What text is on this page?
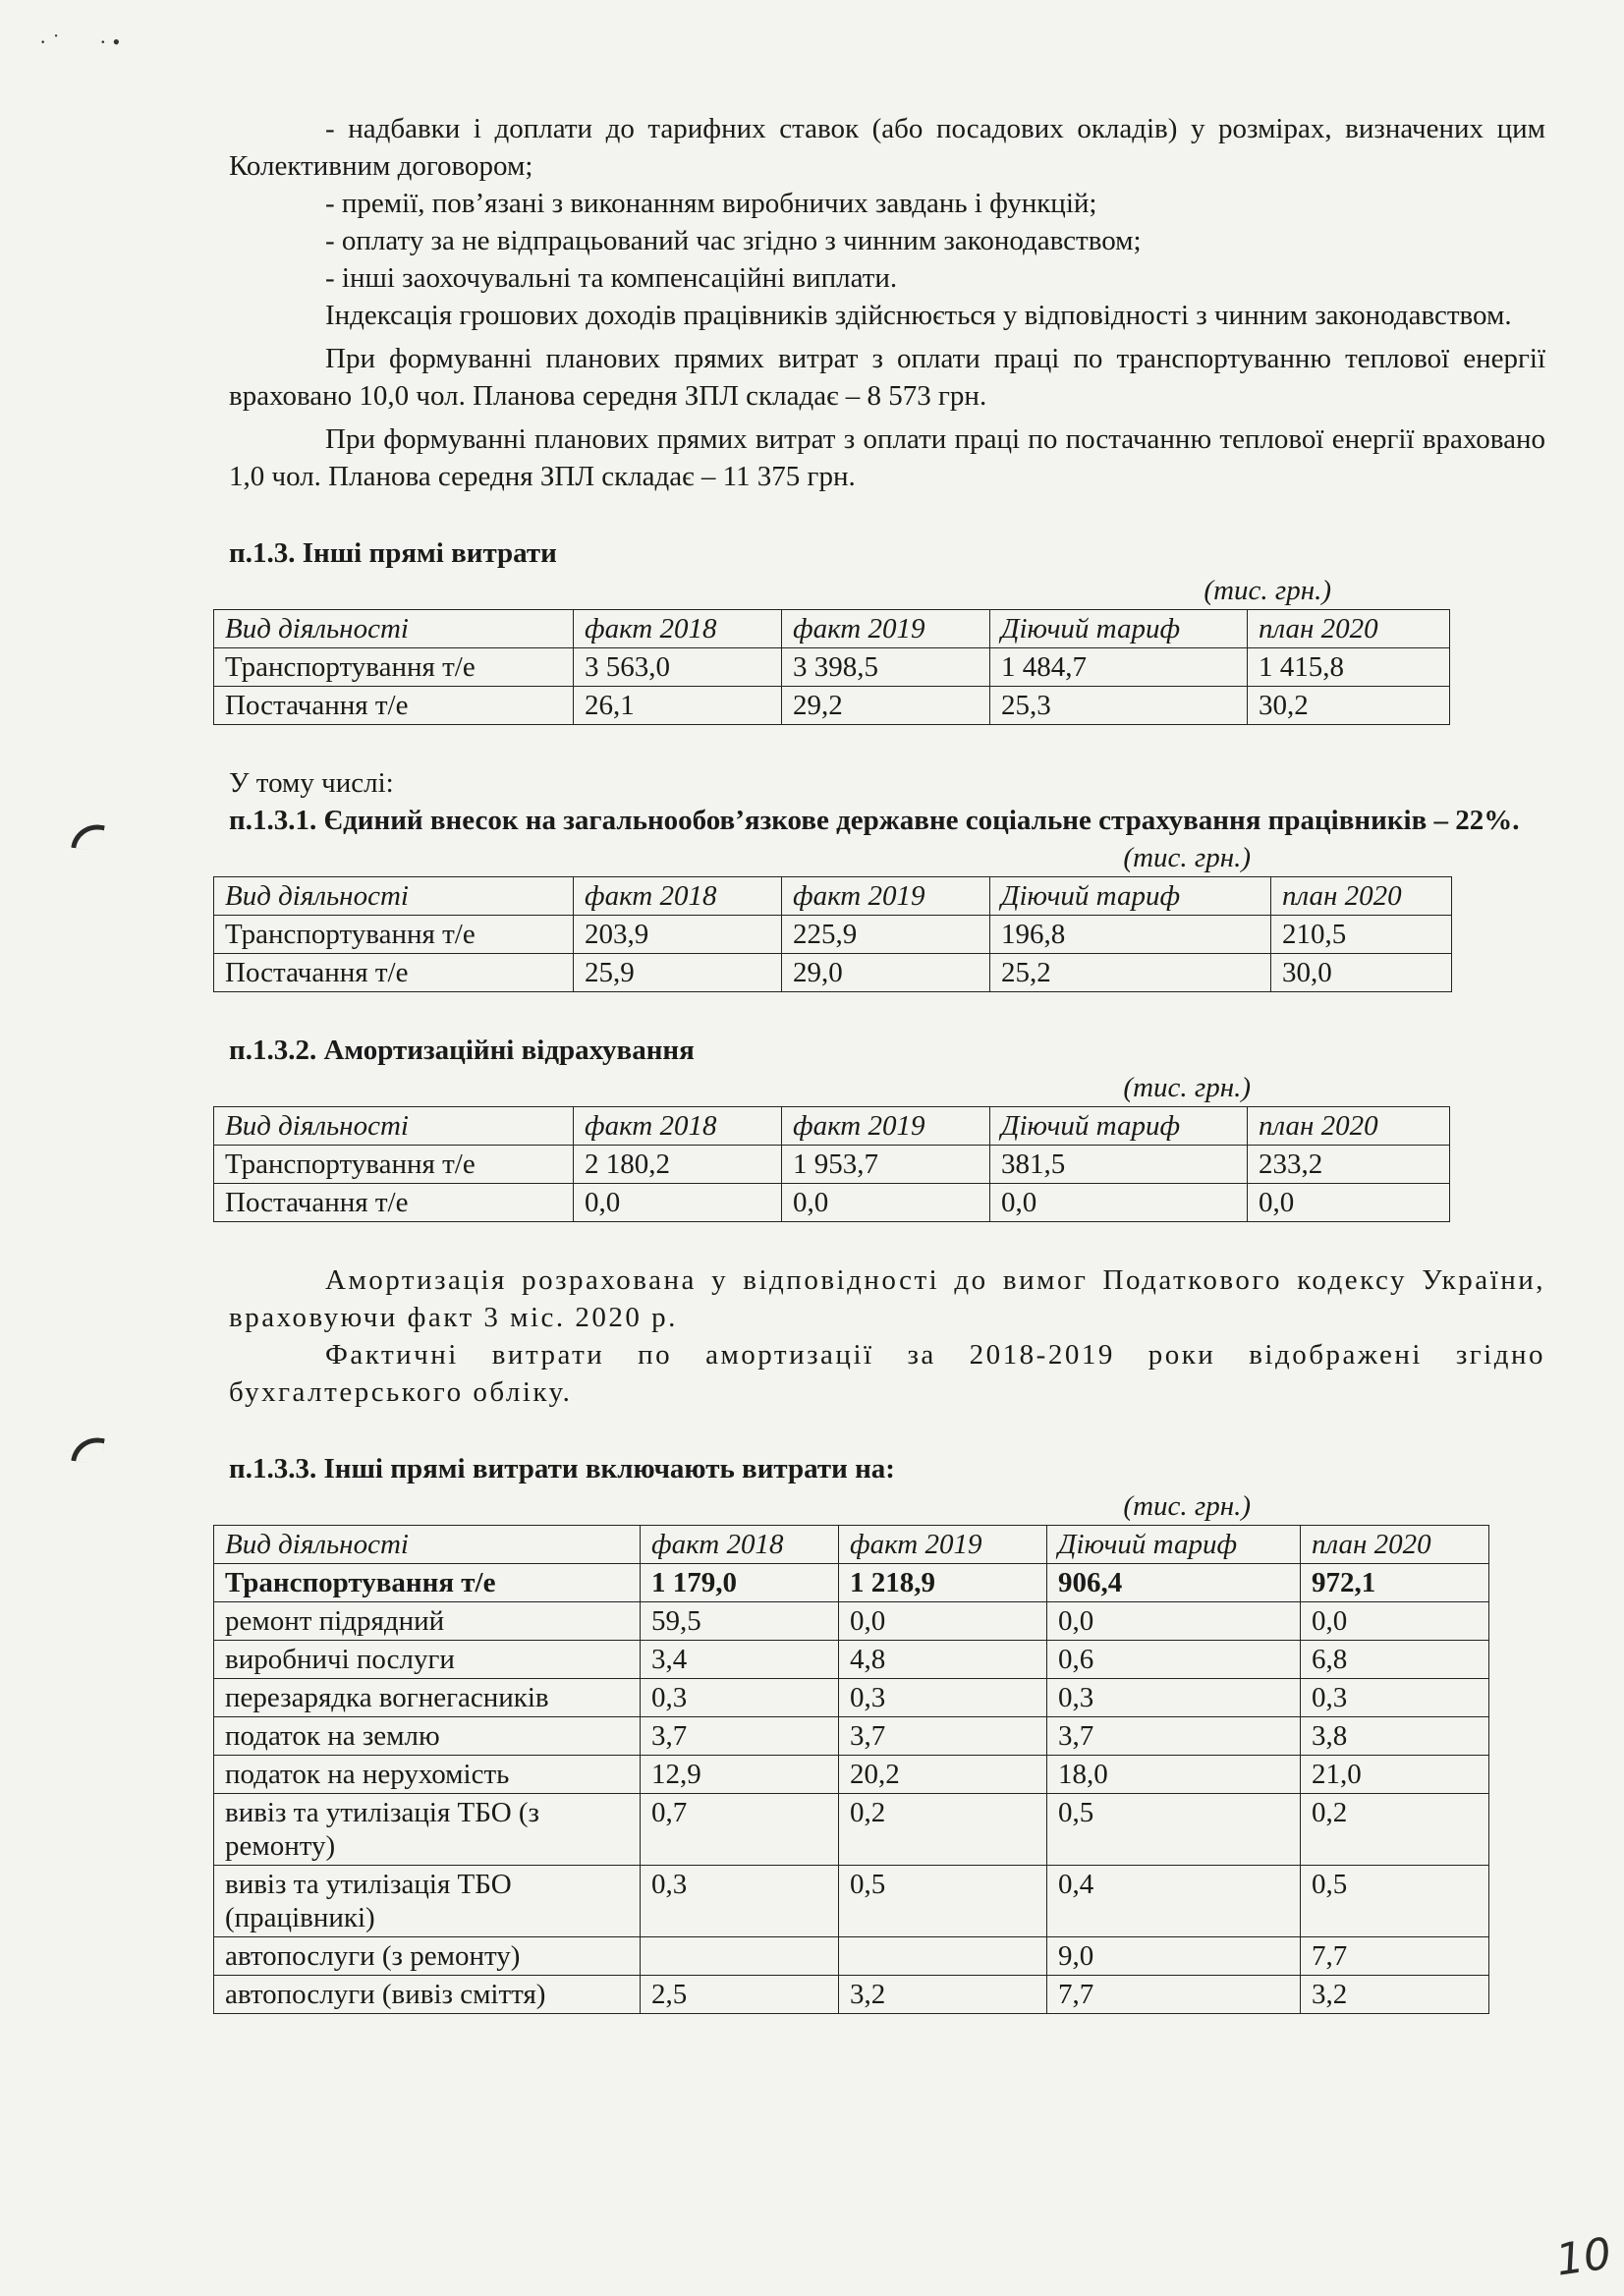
·˙   ·•

- надбавки і доплати до тарифних ставок (або посадових окладів) у розмірах, визначених цим Колективним договором;

- премії, пов’язані з виконанням виробничих завдань і функцій;

- оплату за не відпрацьований час згідно з чинним законодавством;

- інші заохочувальні та компенсаційні виплати.

Індексація грошових доходів працівників здійснюється у відповідності з чинним законодавством.

При формуванні планових прямих витрат з оплати праці по транспортуванню теплової енергії враховано 10,0 чол. Планова середня ЗПЛ складає – 8 573 грн.

При формуванні планових прямих витрат з оплати праці по постачанню теплової енергії враховано 1,0 чол. Планова середня ЗПЛ складає – 11 375 грн.

п.1.3. Інші прямі витрати

(тис. грн.)

Вид діяльності	факт 2018	факт 2019	Діючий тариф	план 2020
Транспортування т/е	3 563,0	3 398,5	1 484,7	1 415,8
Постачання т/е	26,1	29,2	25,3	30,2

У тому числі:

п.1.3.1. Єдиний внесок на загальнообов’язкове державне соціальне страхування працівників – 22%.

(тис. грн.)

Вид діяльності	факт 2018	факт 2019	Діючий тариф	план 2020
Транспортування т/е	203,9	225,9	196,8	210,5
Постачання т/е	25,9	29,0	25,2	30,0

п.1.3.2. Амортизаційні відрахування

(тис. грн.)

Вид діяльності	факт 2018	факт 2019	Діючий тариф	план 2020
Транспортування т/е	2 180,2	1 953,7	381,5	233,2
Постачання т/е	0,0	0,0	0,0	0,0

Амортизація розрахована у відповідності до вимог Податкового кодексу України, враховуючи факт 3 міс. 2020 р.

Фактичні витрати по амортизації за 2018-2019 роки відображені згідно бухгалтерського обліку.

п.1.3.3. Інші прямі витрати включають витрати на:

(тис. грн.)

Вид діяльності	факт 2018	факт 2019	Діючий тариф	план 2020
Транспортування т/е	1 179,0	1 218,9	906,4	972,1
ремонт підрядний	59,5	0,0	0,0	0,0
виробничі послуги	3,4	4,8	0,6	6,8
перезарядка вогнегасників	0,3	0,3	0,3	0,3
податок на землю	3,7	3,7	3,7	3,8
податок на нерухомість	12,9	20,2	18,0	21,0
вивіз та утилізація ТБО (з ремонту)	0,7	0,2	0,5	0,2
вивіз та утилізація ТБО (працівникі)	0,3	0,5	0,4	0,5
автопослуги (з ремонту)			9,0	7,7
автопослуги (вивіз сміття)	2,5	3,2	7,7	3,2
10
